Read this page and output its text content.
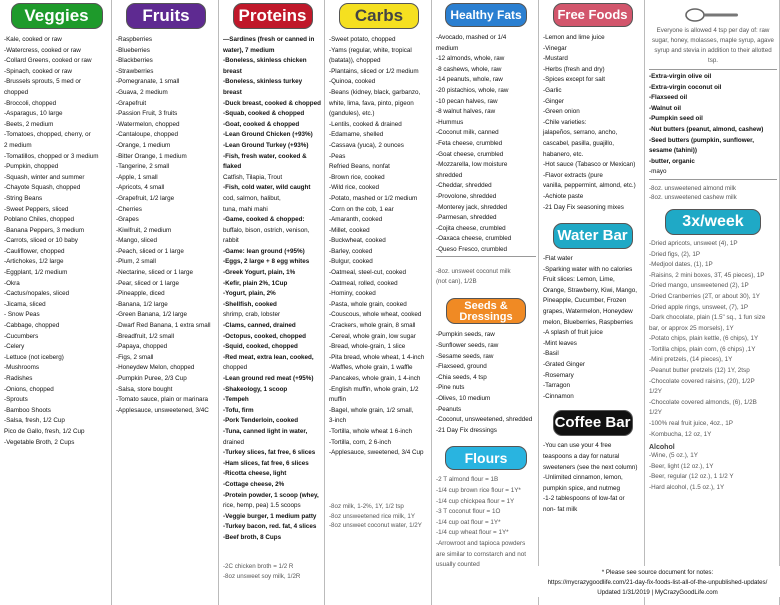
Veggies
-Kale, cooked or raw
-Watercress, cooked or raw
-Collard Greens, cooked or raw
-Spinach, cooked or raw
-Brussels sprouts, 5 med or
chopped
-Broccoli, chopped
-Asparagus, 10 large
-Beets, 2 medium
-Tomatoes, chopped, cherry, or
2 medium
-Tomatillos, chopped or 3 medium
-Pumpkin, chopped
-Squash, winter and summer
-Chayote Squash, chopped
-String Beans
-Sweet Peppers, sliced
Poblano Chiles, chopped
-Banana Peppers, 3 medium
-Carrots, sliced or 10 baby
-Cauliflower, chopped
-Artichokes, 1/2 large
-Eggplant, 1/2 medium
-Okra
-Cactus/nopales, sliced
-Jicama, sliced
- Snow Peas
-Cabbage, chopped
-Cucumbers
-Celery
-Lettuce (not iceberg)
-Mushrooms
-Radishes
-Onions, chopped
-Sprouts
-Bamboo Shoots
-Salsa, fresh, 1/2 Cup
Pico de Gallo, fresh, 1/2 Cup
-Vegetable Broth, 2 Cups
Fruits
-Raspberries
-Blueberries
-Blackberries
-Strawberries
-Pomegranate, 1 small
-Guava, 2 medium
-Grapefruit
-Passion Fruit, 3 fruits
-Watermelon, chopped
-Cantaloupe, chopped
-Orange, 1 medium
-Bitter Orange, 1 medium
-Tangerine, 2 small
-Apple, 1 small
-Apricots, 4 small
-Grapefruit, 1/2 large
-Cherries
-Grapes
-Kiwifruit, 2 medium
-Mango, sliced
-Peach, sliced or 1 large
-Plum, 2 small
-Nectarine, sliced or 1 large
-Pear, sliced or 1 large
-Pineapple, diced
-Banana, 1/2 large
-Green Banana, 1/2 large
-Dwarf Red Banana, 1 extra small
-Breadfruit, 1/2 small
-Papaya, chopped
-Figs, 2 small
-Honeydew Melon, chopped
-Pumpkin Puree, 2/3 Cup
-Salsa, store bought
-Tomato sauce, plain or marinara
-Applesauce, unsweetened, 3/4C
Proteins
—Sardines (fresh or canned in
water), 7 medium
-Boneless, skinless chicken breast
-Boneless, skinless turkey breast
-Duck breast, cooked & chopped
-Squab, cooked & chopped
-Goat, cooked & chopped
-Lean Ground Chicken (+93%)
-Lean Ground Turkey (+93%)
-Fish, fresh water, cooked & flaked
Catfish, Tilapia, Trout
-Fish, cold water, wild caught
cod, salmon, halibut,
tuna, mahi mahi
-Game, cooked & chopped:
buffalo, bison, ostrich, venison,
rabbit
-Game: lean ground (+95%)
-Eggs, 2 large + 8 egg whites
-Greek Yogurt, plain, 1%
-Kefir, plain 2%, 1Cup
-Yogurt, plain, 2%
-Shellfish, cooked
shrimp, crab, lobster
-Clams, canned, drained
-Octopus, cooked, chopped
-Squid, cooked, chopped
-Red meat, extra lean, cooked,
chopped
-Lean ground red meat (+95%)
-Shakeology, 1 scoop
-Tempeh
-Tofu, firm
-Pork Tenderloin, cooked
-Tuna, canned light in water,
drained
-Turkey slices, fat free, 6 slices
-Ham slices, fat free, 6 slices
-Ricotta cheese, light
-Cottage cheese, 2%
-Protein powder, 1 scoop (whey,
rice, hemp, pea) 1.5 scoops
-Veggie burger, 1 medium patty
-Turkey bacon, red. fat, 4 slices
-Beef broth, 8 Cups
-2C chicken broth = 1/2 R
-8oz unsweet soy milk, 1/2R
Carbs
-Sweet potato, chopped
-Yams (regular, white, tropical
(batata)), chopped
-Plantains, sliced or 1/2 medium
-Quinoa, cooked
-Beans (kidney, black, garbanzo,
white, lima, fava, pinto, pigeon
(gandules), etc.)
-Lentils, cooked & drained
-Edamame, shelled
-Cassava (yuca), 2 ounces
-Peas
Refried Beans, nonfat
-Brown rice, cooked
-Wild rice, cooked
-Potato, mashed or 1/2 medium
-Corn on the cob, 1 ear
-Amaranth, cooked
-Millet, cooked
-Buckwheat, cooked
-Barley, cooked
-Bulgur, cooked
-Oatmeal, steel-cut, cooked
-Oatmeal, rolled, cooked
-Hominy, cooked
-Pasta, whole grain, cooked
-Couscous, whole wheat, cooked
-Crackers, whole grain, 8 small
-Cereal, whole grain, low sugar
-Bread, whole-grain, 1 slice
-Pita bread, whole wheat, 1 4-inch
-Waffles, whole grain, 1 waffle
-Pancakes, whole grain, 1 4-inch
-English muffin, whole grain, 1/2
muffin
-Bagel, whole grain, 1/2 small,
3-inch
-Tortilla, whole wheat 1 6-inch
-Tortilla, corn, 2 6-inch
-Applesauce, sweetened, 3/4 Cup
-8oz milk, 1-2%, 1Y, 1/2 tsp
-8oz unsweetened rice milk, 1Y
-8oz unsweet coconut water, 1/2Y
Healthy Fats
-Avocado, mashed or 1/4
medium
-12 almonds, whole, raw
-8 cashews, whole, raw
-14 peanuts, whole, raw
-20 pistachios, whole, raw
-10 pecan halves, raw
-8 walnut halves, raw
-Hummus
-Coconut milk, canned
-Feta cheese, crumbled
-Goat cheese, crumbled
-Mozzarella, low moisture
shredded
-Cheddar, shredded
-Provolone, shredded
-Monterey jack, shredded
-Parmesan, shredded
-Cojita cheese, crumbled
-Oaxaca cheese, crumbled
-Queso Fresco, crumbled
-8oz. unsweet coconut milk
(not can), 1/2B
Seeds & Dressings
-Pumpkin seeds, raw
-Sunflower seeds, raw
-Sesame seeds, raw
-Flaxseed, ground
-Chia seeds, 4 tsp
-Pine nuts
-Olives, 10 medium
-Peanuts
-Coconut, unsweetened, shredded
-21 Day Fix dressings
Flours
-2 T almond flour = 1B
-1/4 cup brown rice flour = 1Y*
-1/4 cup chickpea flour = 1Y
-3 T coconut flour = 1O
-1/4 cup oat flour = 1Y*
-1/4 cup wheat flour = 1Y*
-Arrowroot and tapioca powders
are similar to cornstarch and not
usually counted
Free Foods
-Lemon and lime juice
-Vinegar
-Mustard
-Herbs (fresh and dry)
-Spices except for salt
-Garlic
-Ginger
-Green onion
-Chile varieties:
jalapeños, serrano, ancho,
cascabel, pasilla, guajillo,
habanero, etc.
-Hot sauce (Tabasco or Mexican)
-Flavor extracts (pure
vanilla, peppermint, almond, etc.)
-Achiote paste
-21 Day Fix seasoning mixes
Water Bar
-Flat water
-Sparking water with no calories
Fruit slices: Lemon, Lime,
Orange, Strawberry, Kiwi, Mango,
Pineapple, Cucumber, Frozen
grapes, Watermelon, Honeydew
melon, Blueberries, Raspberries
-A splash of fruit juice
-Mint leaves
-Basil
-Grated Ginger
-Rosemary
-Tarragon
-Cinnamon
Coffee Bar
-You can use your 4 free
teaspoons a day for natural
sweeteners (see the next column)
-Unlimited cinnamon, lemon,
pumpkin spice, and nutmeg
-1-2 tablespoons of low-fat or
non- fat milk
Everyone is allowed 4 tsp per day of: raw sugar, honey, molasses, maple syrup, agave syrup and stevia in addition to their allotted tsp.
-Extra-virgin olive oil
-Extra-virgin coconut oil
-Flaxseed oil
-Walnut oil
-Pumpkin seed oil
-Nut butters (peanut, almond, cashew)
-Seed butters (pumpkin, sunflower,
sesame (tahini))
-butter, organic
-mayo
-8oz. unsweetened almond milk
-8oz. unsweetened cashew milk
3x/week
-Dried apricots, unsweet (4), 1P
-Dried figs, (2), 1P
-Medjool dates, (1), 1P
-Raisins, 2 mini boxes, 3T, 45 pieces), 1P
-Dried mango, unsweetened (2), 1P
-Dried Cranberries (2T, or about 30), 1Y
-Dried apple rings, unsweet, (7), 1P
-Dark chocolate, plain (1.5" sq., 1 fun size
bar, or approx 25 morsels), 1Y
-Potato chips, plain kettle, (6 chips), 1Y
-Tortilla chips, plain corn, (6 chips) ,1Y
-Mini pretzels, (14 pieces), 1Y
-Peanut butter pretzels (12) 1Y, 2tsp
-Chocolate covered raisins, (20), 1/2P
1/2Y
-Chocolate covered almonds, (6), 1/2B
1/2Y
-100% real fruit juice, 4oz., 1P
-Kombucha, 12 oz, 1Y
Alcohol
-Wine, (5 oz.), 1Y
-Beer, light (12 oz.), 1Y
-Beer, regular (12 oz.), 1 1/2 Y
-Hard alcohol, (1.5 oz.), 1Y
* Please see source document for notes:
https://mycrazygoodlife.com/21-day-fix-foods-list-all-of-the-unpublished-updates/
Updated 1/31/2019 | MyCrazyGoodLife.com
